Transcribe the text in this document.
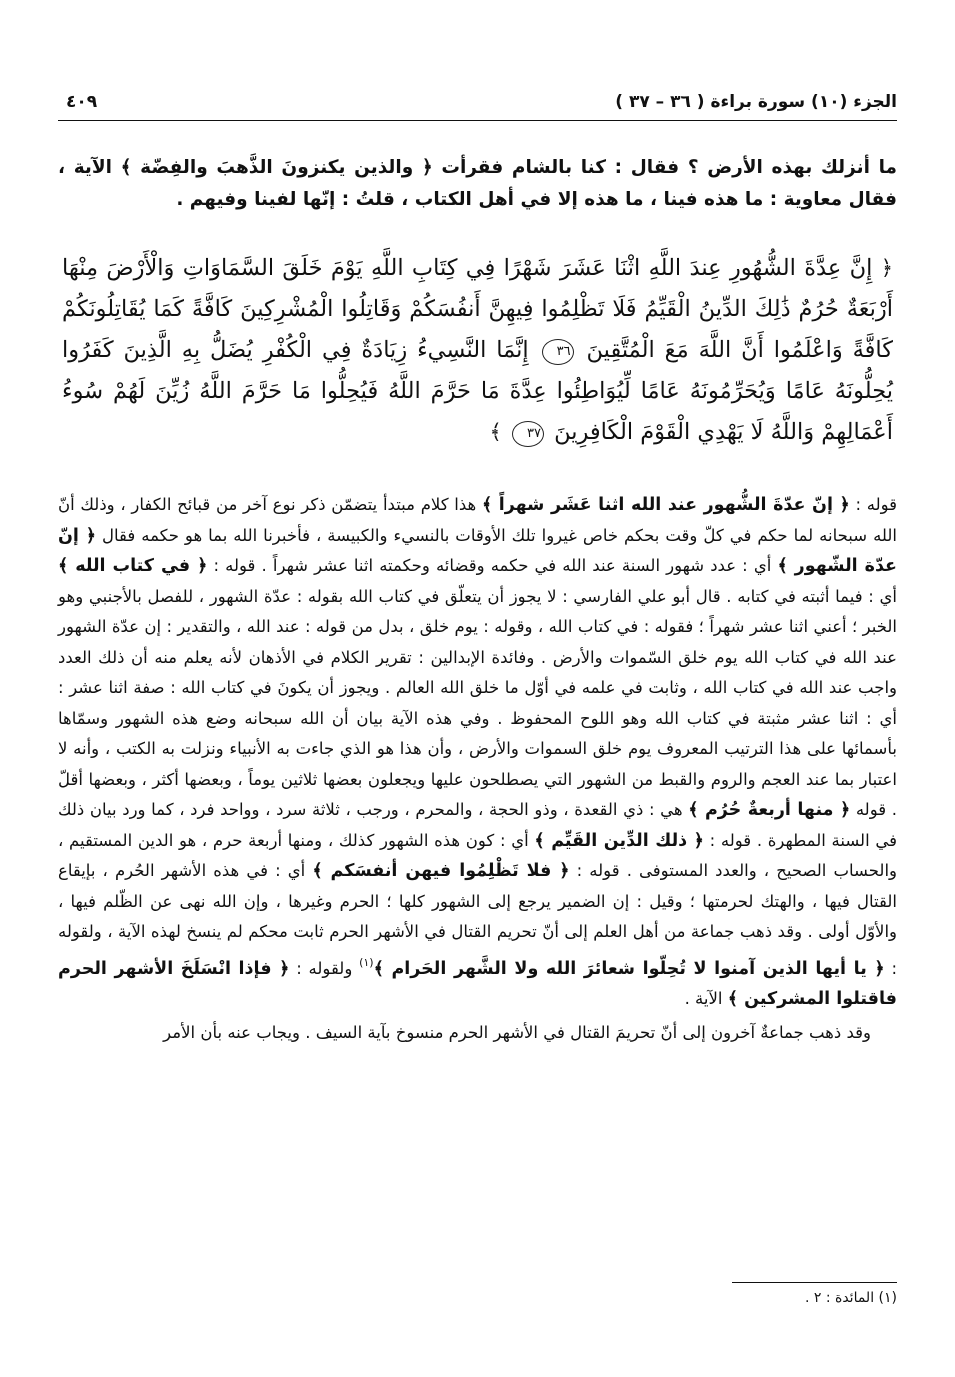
الجزء (١٠) سورة براءة ( ٣٦ – ٣٧ )
٤٠٩
ما أنزلك بهذه الأرض ؟ فقال : كنا بالشام فقرأت ﴿ والذين يكنزونَ الذَّهبَ والفِضّة ﴾ الآية ، فقال معاوية : ما هذه فينا ، ما هذه إلا في أهل الكتاب ، قلتُ : إنّها لفينا وفيهم .
﴿ إِنَّ عِدَّةَ الشُّهُورِ عِندَ اللَّهِ اثْنَا عَشَرَ شَهْرًا فِي كِتَابِ اللَّهِ يَوْمَ خَلَقَ السَّمَاوَاتِ وَالْأَرْضَ مِنْهَا أَرْبَعَةٌ حُرُمٌ ذَٰلِكَ الدِّينُ الْقَيِّمُ فَلَا تَظْلِمُوا فِيهِنَّ أَنفُسَكُمْ وَقَاتِلُوا الْمُشْرِكِينَ كَافَّةً كَمَا يُقَاتِلُونَكُمْ كَافَّةً وَاعْلَمُوا أَنَّ اللَّهَ مَعَ الْمُتَّقِينَ ٣٦ إِنَّمَا النَّسِيءُ زِيَادَةٌ فِي الْكُفْرِ يُضَلُّ بِهِ الَّذِينَ كَفَرُوا يُحِلُّونَهُ عَامًا وَيُحَرِّمُونَهُ عَامًا لِّيُوَاطِئُوا عِدَّةَ مَا حَرَّمَ اللَّهُ فَيُحِلُّوا مَا حَرَّمَ اللَّهُ زُيِّنَ لَهُمْ سُوءُ أَعْمَالِهِمْ وَاللَّهُ لَا يَهْدِي الْقَوْمَ الْكَافِرِينَ ٣٧ ﴾

قوله : ﴿ إنّ عدّةَ الشُّهور عند الله اثنا عَشَر شهراً ﴾ هذا كلام مبتدأ يتضمّن ذكر نوع آخر من قبائح الكفار ، وذلك أنّ الله سبحانه لما حكم في كلّ وقت بحكم خاص غيروا تلك الأوقات بالنسيء والكبيسة ، فأخبرنا الله بما هو حكمه فقال ﴿ إنّ عدّة الشّهور ﴾ أي : عدد شهور السنة عند الله في حكمه وقضائه وحكمته اثنا عشر شهراً . قوله : ﴿ في كتاب الله ﴾ أي : فيما أثبته في كتابه . قال أبو علي الفارسي : لا يجوز أن يتعلّق في كتاب الله بقوله : عدّة الشهور ، للفصل بالأجنبي وهو الخبر ؛ أعني اثنا عشر شهراً ؛ فقوله : في كتاب الله ، وقوله : يوم خلق ، بدل من قوله : عند الله ، والتقدير : إن عدّة الشهور عند الله في كتاب الله يوم خلق السّموات والأرض . وفائدة الإبدالين : تقرير الكلام في الأذهان لأنه يعلم منه أن ذلك العدد واجب عند الله في كتاب الله ، وثابت في علمه في أوّل ما خلق الله العالم . ويجوز أن يكونَ في كتاب الله : صفة اثنا عشر : أي : اثنا عشر مثبتة في كتاب الله وهو اللوح المحفوظ . وفي هذه الآية بيان أن الله سبحانه وضع هذه الشهور وسمّاها بأسمائها على هذا الترتيب المعروف يوم خلق السموات والأرض ، وأن هذا هو الذي جاءت به الأنبياء ونزلت به الكتب ، وأنه لا اعتبار بما عند العجم والروم والقبط من الشهور التي يصطلحون عليها ويجعلون بعضها ثلاثين يوماً ، وبعضها أكثر ، وبعضها أقلّ . قوله ﴿ منها أربعةٌ حُرُم ﴾ هي : ذي القعدة ، وذو الحجة ، والمحرم ، ورجب ، ثلاثة سرد ، وواحد فرد ، كما ورد بيان ذلك في السنة المطهرة . قوله : ﴿ ذلك الدِّين القَيِّم ﴾ أي : كون هذه الشهور كذلك ، ومنها أربعة حرم ، هو الدين المستقيم ، والحساب الصحيح ، والعدد المستوفى . قوله : ﴿ فلا تَظْلِمُوا فيهن أنفسَكم ﴾ أي : في هذه الأشهر الحُرم ، بإيقاع القتال فيها ، والهتك لحرمتها ؛ وقيل : إن الضمير يرجع إلى الشهور كلها ؛ الحرم وغيرها ، وإن الله نهى عن الظّلم فيها ، والأوّل أولى . وقد ذهب جماعة من أهل العلم إلى أنّ تحريم القتال في الأشهر الحرم ثابت محكم لم ينسخ لهذه الآية ، ولقوله : ﴿ يا أيها الذين آمنوا لا تُحِلّوا شعائرَ الله ولا الشَّهر الحَرام ﴾$^{(١)}$ ولقوله : ﴿ فإذا انْسَلَخَ الأشهر الحرم فاقتلوا المشركين ﴾ الآية .

وقد ذهب جماعةٌ آخرون إلى أنّ تحريمَ القتال في الأشهر الحرم منسوخ بآية السيف . ويجاب عنه بأن الأمر

(١) المائدة : ٢ .
